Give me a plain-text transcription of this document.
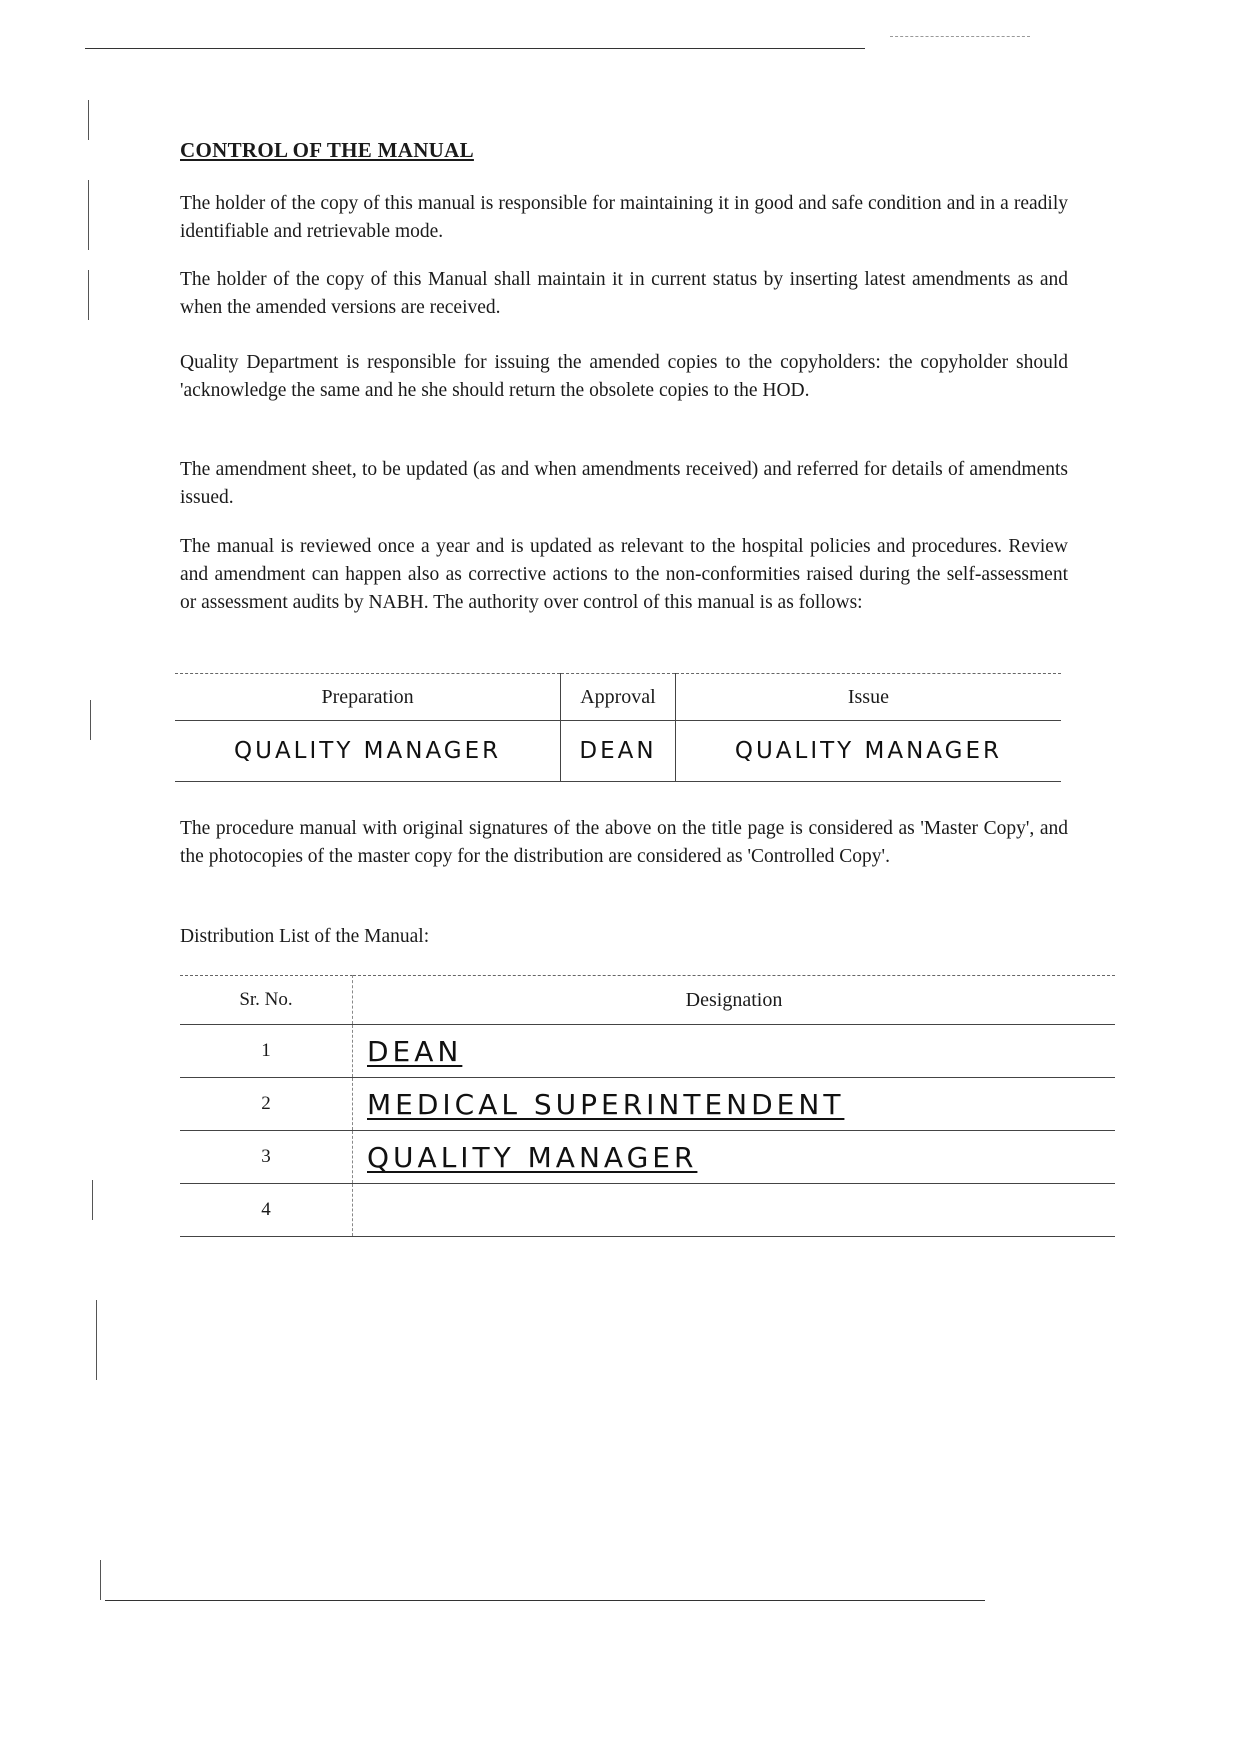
CONTROL OF THE MANUAL

The holder of the copy of this manual is responsible for maintaining it in good and safe condition and in a readily identifiable and retrievable mode.

The holder of the copy of this Manual shall maintain it in current status by inserting latest amendments as and when the amended versions are received.

Quality Department is responsible for issuing the amended copies to the copyholders: the copyholder should 'acknowledge the same and he she should return the obsolete copies to the HOD.

The amendment sheet, to be updated (as and when amendments received) and referred for details of amendments issued.

The manual is reviewed once a year and is updated as relevant to the hospital policies and procedures. Review and amendment can happen also as corrective actions to the non-conformities raised during the self-assessment or assessment audits by NABH. The authority over control of this manual is as follows:

Preparation	Approval	Issue
QUALITY MANAGER	DEAN	QUALITY MANAGER

The procedure manual with original signatures of the above on the title page is considered as 'Master Copy', and the photocopies of the master copy for the distribution are considered as 'Controlled Copy'.

Distribution List of the Manual:
Sr. No.	Designation
1	DEAN
2	MEDICAL SUPERINTENDENT
3	QUALITY MANAGER
4	
